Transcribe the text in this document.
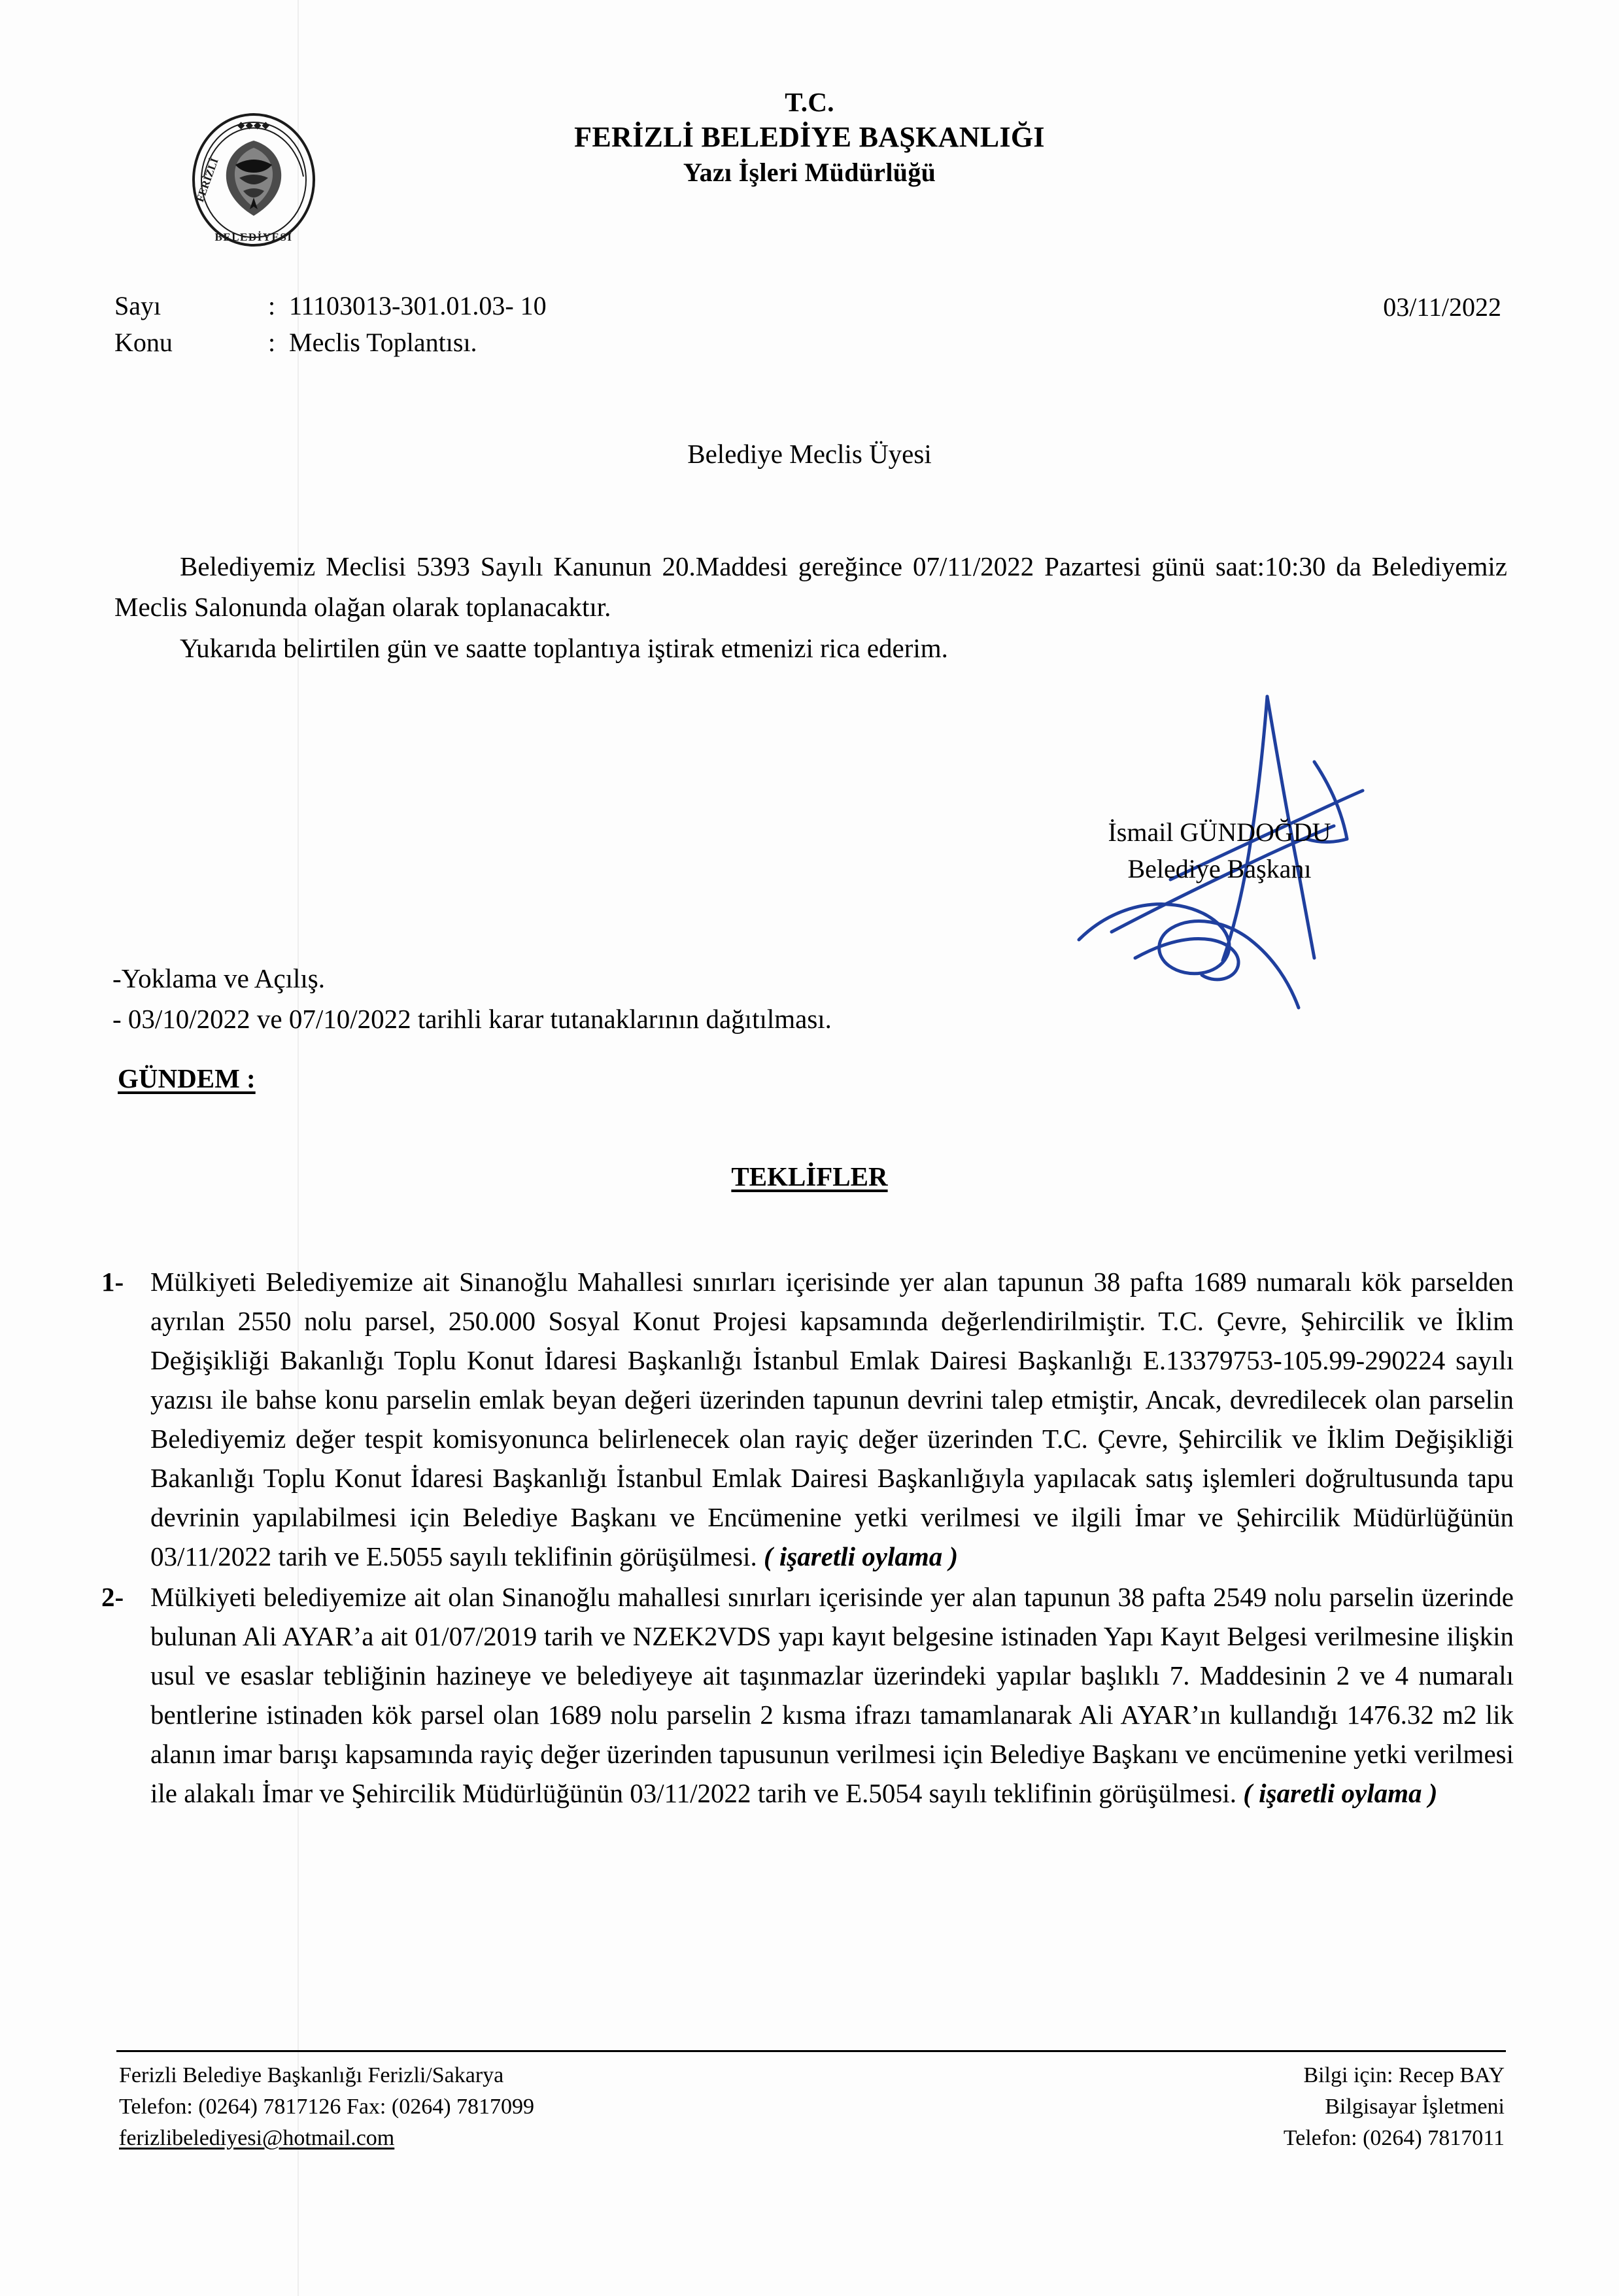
◆◆◆◆
BELEDİYESİ
FERİZLİ
T.C.
FERİZLİ BELEDİYE BAŞKANLIĞI
Yazı İşleri Müdürlüğü
Sayı	: 11103013-301.01.03- 10
Konu	: Meclis Toplantısı.
03/11/2022
Belediye Meclis Üyesi
Belediyemiz Meclisi 5393 Sayılı Kanunun 20.Maddesi gereğince 07/11/2022 Pazartesi günü saat:10:30 da Belediyemiz Meclis Salonunda olağan olarak toplanacaktır.
Yukarıda belirtilen gün ve saatte toplantıya iştirak etmenizi rica ederim.
İsmail GÜNDOĞDU
Belediye Başkanı
-Yoklama ve Açılış.
- 03/10/2022 ve 07/10/2022 tarihli karar tutanaklarının dağıtılması.
GÜNDEM :
TEKLİFLER
1- Mülkiyeti Belediyemize ait Sinanoğlu Mahallesi sınırları içerisinde yer alan tapunun 38 pafta 1689 numaralı kök parselden ayrılan 2550 nolu parsel, 250.000 Sosyal Konut Projesi kapsamında değerlendirilmiştir. T.C. Çevre, Şehircilik ve İklim Değişikliği Bakanlığı Toplu Konut İdaresi Başkanlığı İstanbul Emlak Dairesi Başkanlığı E.13379753-105.99-290224 sayılı yazısı ile bahse konu parselin emlak beyan değeri üzerinden tapunun devrini talep etmiştir, Ancak, devredilecek olan parselin Belediyemiz değer tespit komisyonunca belirlenecek olan rayiç değer üzerinden T.C. Çevre, Şehircilik ve İklim Değişikliği Bakanlığı Toplu Konut İdaresi Başkanlığı İstanbul Emlak Dairesi Başkanlığıyla yapılacak satış işlemleri doğrultusunda tapu devrinin yapılabilmesi için Belediye Başkanı ve Encümenine yetki verilmesi ve ilgili İmar ve Şehircilik Müdürlüğünün 03/11/2022 tarih ve E.5055 sayılı teklifinin görüşülmesi. ( işaretli oylama )
2- Mülkiyeti belediyemize ait olan Sinanoğlu mahallesi sınırları içerisinde yer alan tapunun 38 pafta 2549 nolu parselin üzerinde bulunan Ali AYAR’a ait 01/07/2019 tarih ve NZEK2VDS yapı kayıt belgesine istinaden Yapı Kayıt Belgesi verilmesine ilişkin usul ve esaslar tebliğinin hazineye ve belediyeye ait taşınmazlar üzerindeki yapılar başlıklı 7. Maddesinin 2 ve 4 numaralı bentlerine istinaden kök parsel olan 1689 nolu parselin 2 kısma ifrazı tamamlanarak Ali AYAR’ın kullandığı 1476.32 m2 lik alanın imar barışı kapsamında rayiç değer üzerinden tapusunun verilmesi için Belediye Başkanı ve encümenine yetki verilmesi ile alakalı İmar ve Şehircilik Müdürlüğünün 03/11/2022 tarih ve E.5054 sayılı teklifinin görüşülmesi. ( işaretli oylama )
Ferizli Belediye Başkanlığı Ferizli/Sakarya
Telefon: (0264) 7817126 Fax: (0264) 7817099
ferizlibelediyesi@hotmail.com
Bilgi için: Recep BAY
Bilgisayar İşletmeni
Telefon: (0264) 7817011
